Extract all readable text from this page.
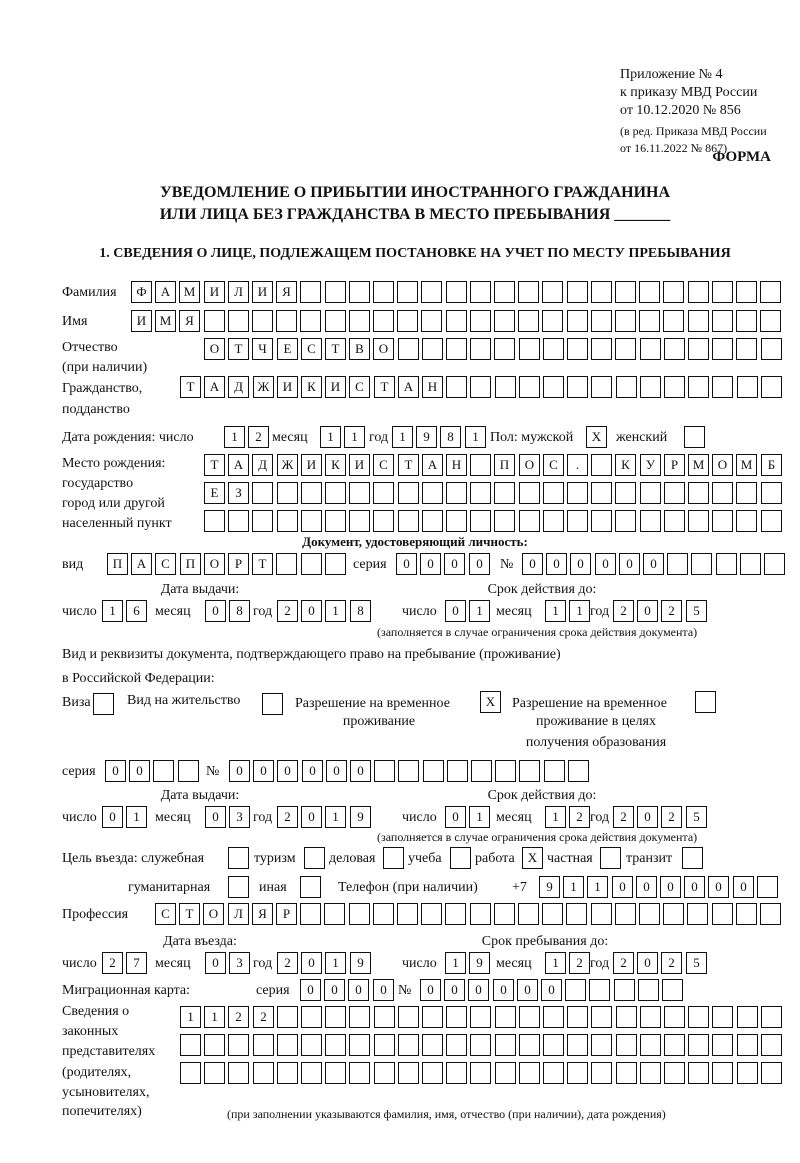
Приложение № 4
к приказу МВД России
от 10.12.2020 № 856
(в ред. Приказа МВД России
от 16.11.2022 № 867)
ФОРМА
УВЕДОМЛЕНИЕ О ПРИБЫТИИ ИНОСТРАННОГО ГРАЖДАНИНА
ИЛИ ЛИЦА БЕЗ ГРАЖДАНСТВА В МЕСТО ПРЕБЫВАНИЯ _______
1. СВЕДЕНИЯ О ЛИЦЕ, ПОДЛЕЖАЩЕМ ПОСТАНОВКЕ НА УЧЕТ ПО МЕСТУ ПРЕБЫВАНИЯ
Фамилия	Ф	А	М	И	Л	И	Я
Имя	И	М	Я
Отчество
(при наличии)
О	Т	Ч	Е	С	Т	В	О
Гражданство,
подданство
Т	А	Д	Ж	И	К	И	С	Т	А	Н
Дата рождения: число	1	2 месяц	1	1 год 1	9	8	1 Пол: мужской	X	женский
Место рождения:
государство
город или другой
населенный пункт
Т	А	Д	Ж	И	К	И	С	Т	А	Н	П	О	С	.	К	У	Р	М	О	М	Б
Е	З
Документ, удостоверяющий личность:
вид	П	А	С	П	О	Р	Т	серия	0	0	0	0	№	0	0	0	0	0	0
Дата выдачи:	Срок действия до:
число 1	6	месяц	0	8 год 2	0	1	8	число	0	1 месяц	1	1 год 2	0	2	5
(заполняется в случае ограничения срока действия документа)
Вид и реквизиты документа, подтверждающего право на пребывание (проживание)
в Российской Федерации:
Виза	Вид на жительство	Разрешение на временное
проживание
X	Разрешение на временное
проживание в целях
получения образования
серия	0	0	№	0	0	0	0	0	0
Дата выдачи:	Срок действия до:
число 0	1	месяц	0	3 год 2	0	1	9	число	0	1 месяц	1	2 год 2	0	2	5
(заполняется в случае ограничения срока действия документа)
Цель въезда: служебная	туризм деловая учеба работа	X частная транзит
гуманитарная	иная	Телефон (при наличии) +7	9	1	1	0	0	0	0	0	0
Профессия	С	Т	О	Л	Я	Р
Дата въезда:	Срок пребывания до:
число 2	7	месяц	0	3 год 2	0	1	9	число	1	9 месяц	1	2 год 2	0	2	5
Миграционная карта:	серия	0	0	0	0 №	0	0	0	0	0	0
Сведения о
законных
представителях
(родителях,
усыновителях,
попечителях)
1	1	2	2
(при заполнении указываются фамилия, имя, отчество (при наличии), дата рождения)
